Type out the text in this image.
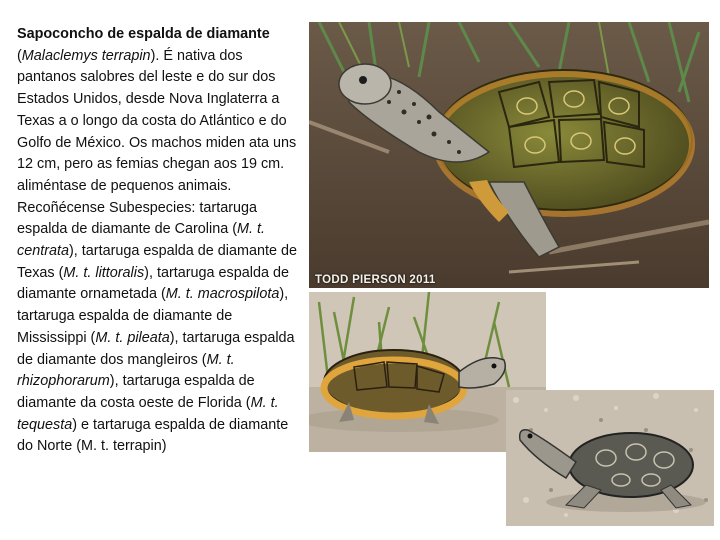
Sapoconcho de espalda de diamante (Malaclemys terrapin). É nativa dos pantanos salobres del leste e do sur dos Estados Unidos, desde Nova Inglaterra a Texas a o longo da costa do Atlántico e do Golfo de México. Os machos miden ata uns 12 cm, pero as femias chegan aos 19 cm. aliméntase de pequenos animais. Recoñécense Subespecies: tartaruga espalda de diamante de Carolina (M. t. centrata), tartaruga espalda de diamante de Texas (M. t. littoralis), tartaruga espalda de diamante ornametada (M. t. macrospilota), tartaruga espalda de diamante de Mississippi (M. t. pileata), tartaruga espalda de diamante dos mangleiros (M. t. rhizophorarum), tartaruga espalda de diamante da costa oeste de Florida (M. t. tequesta) e tartaruga espalda de diamante do Norte (M. t. terrapin)
TODD PIERSON 2011
